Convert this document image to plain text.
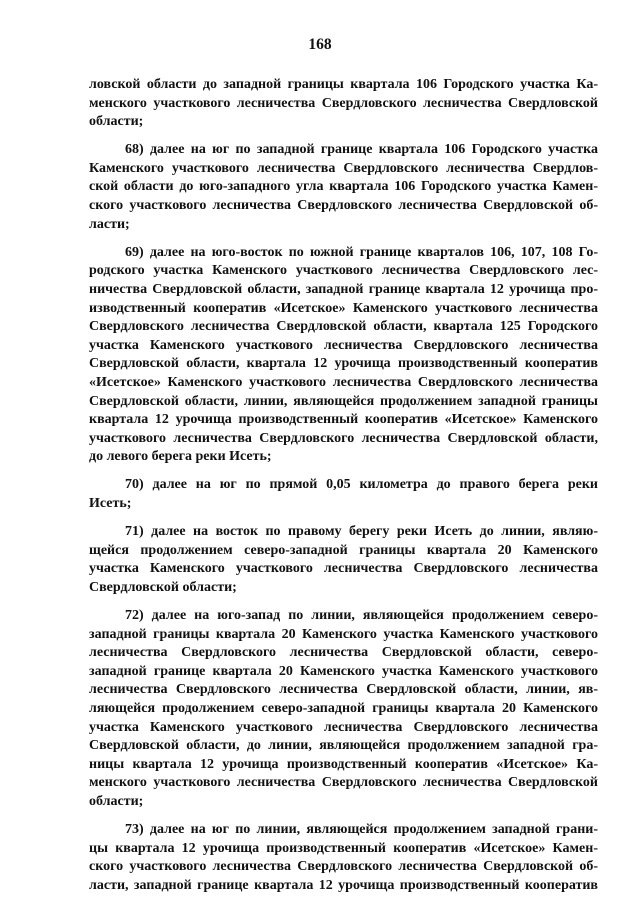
168
ловской области до западной границы квартала 106 Городского участка Ка-
менского участкового лесничества Свердловского лесничества Свердловской
области;
68) далее на юг по западной границе квартала 106 Городского участка
Каменского участкового лесничества Свердловского лесничества Свердлов-
ской области до юго-западного угла квартала 106 Городского участка Камен-
ского участкового лесничества Свердловского лесничества Свердловской об-
ласти;
69) далее на юго-восток по южной границе кварталов 106, 107, 108 Го-
родского участка Каменского участкового лесничества Свердловского лес-
ничества Свердловской области, западной границе квартала 12 урочища про-
изводственный кооператив «Исетское» Каменского участкового лесничества
Свердловского лесничества Свердловской области, квартала 125 Городского
участка Каменского участкового лесничества Свердловского лесничества
Свердловской области, квартала 12 урочища производственный кооператив
«Исетское» Каменского участкового лесничества Свердловского лесничества
Свердловской области, линии, являющейся продолжением западной границы
квартала 12 урочища производственный кооператив «Исетское» Каменского
участкового лесничества Свердловского лесничества Свердловской области,
до левого берега реки Исеть;
70) далее на юг по прямой 0,05 километра до правого берега реки
Исеть;
71) далее на восток по правому берегу реки Исеть до линии, являю-
щейся продолжением северо-западной границы квартала 20 Каменского
участка Каменского участкового лесничества Свердловского лесничества
Свердловской области;
72) далее на юго-запад по линии, являющейся продолжением северо-
западной границы квартала 20 Каменского участка Каменского участкового
лесничества Свердловского лесничества Свердловской области, северо-
западной границе квартала 20 Каменского участка Каменского участкового
лесничества Свердловского лесничества Свердловской области, линии, яв-
ляющейся продолжением северо-западной границы квартала 20 Каменского
участка Каменского участкового лесничества Свердловского лесничества
Свердловской области, до линии, являющейся продолжением западной гра-
ницы квартала 12 урочища производственный кооператив «Исетское» Ка-
менского участкового лесничества Свердловского лесничества Свердловской
области;
73) далее на юг по линии, являющейся продолжением западной грани-
цы квартала 12 урочища производственный кооператив «Исетское» Камен-
ского участкового лесничества Свердловского лесничества Свердловской об-
ласти, западной границе квартала 12 урочища производственный кооператив
